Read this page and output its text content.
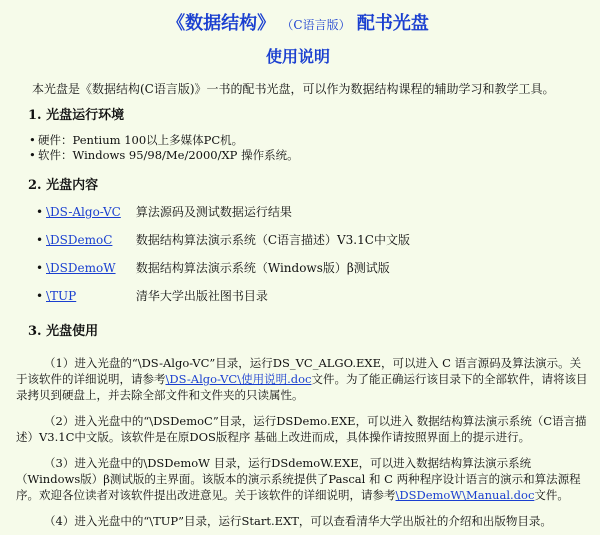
《数据结构》 （C语言版） 配书光盘
使用说明
本光盘是《数据结构(C语言版)》一书的配书光盘，可以作为数据结构课程的辅助学习和教学工具。
1. 光盘运行环境
• 硬件：Pentium 100以上多媒体PC机。
• 软件：Windows 95/98/Me/2000/XP 操作系统。
2. 光盘内容
• \DS-Algo-VC 算法源码及测试数据运行结果
• \DSDemoC 数据结构算法演示系统（C语言描述）V3.1C中文版
• \DSDemoW 数据结构算法演示系统（Windows版）β测试版
• \TUP	清华大学出版社图书目录
3. 光盘使用
（1）进入光盘的“\DS-Algo-VC”目录，运行DS_VC_ALGO.EXE，可以进入 C 语言源码及算法演示。关于该软件的详细说明，请参考\DS-Algo-VC\使用说明.doc文件。为了能正确运行该目录下的全部软件，请将该目录拷贝到硬盘上，并去除全部文件和文件夹的只读属性。
（2）进入光盘中的“\DSDemoC”目录，运行DSDemo.EXE，可以进入 数据结构算法演示系统（C语言描述）V3.1C中文版。该软件是在原DOS版程序 基础上改进而成，具体操作请按照界面上的提示进行。
（3）进入光盘中的\DSDemoW 目录，运行DSdemoW.EXE，可以进入数据结构算法演示系统（Windows版）β测试版的主界面。该版本的演示系统提供了Pascal 和 C 两种程序设计语言的演示和算法源程序。欢迎各位读者对该软件提出改进意见。关于该软件的详细说明，请参考\DSDemoW\Manual.doc文件。
（4）进入光盘中的“\TUP”目录，运行Start.EXT，可以查看清华大学出版社的介绍和出版物目录。
